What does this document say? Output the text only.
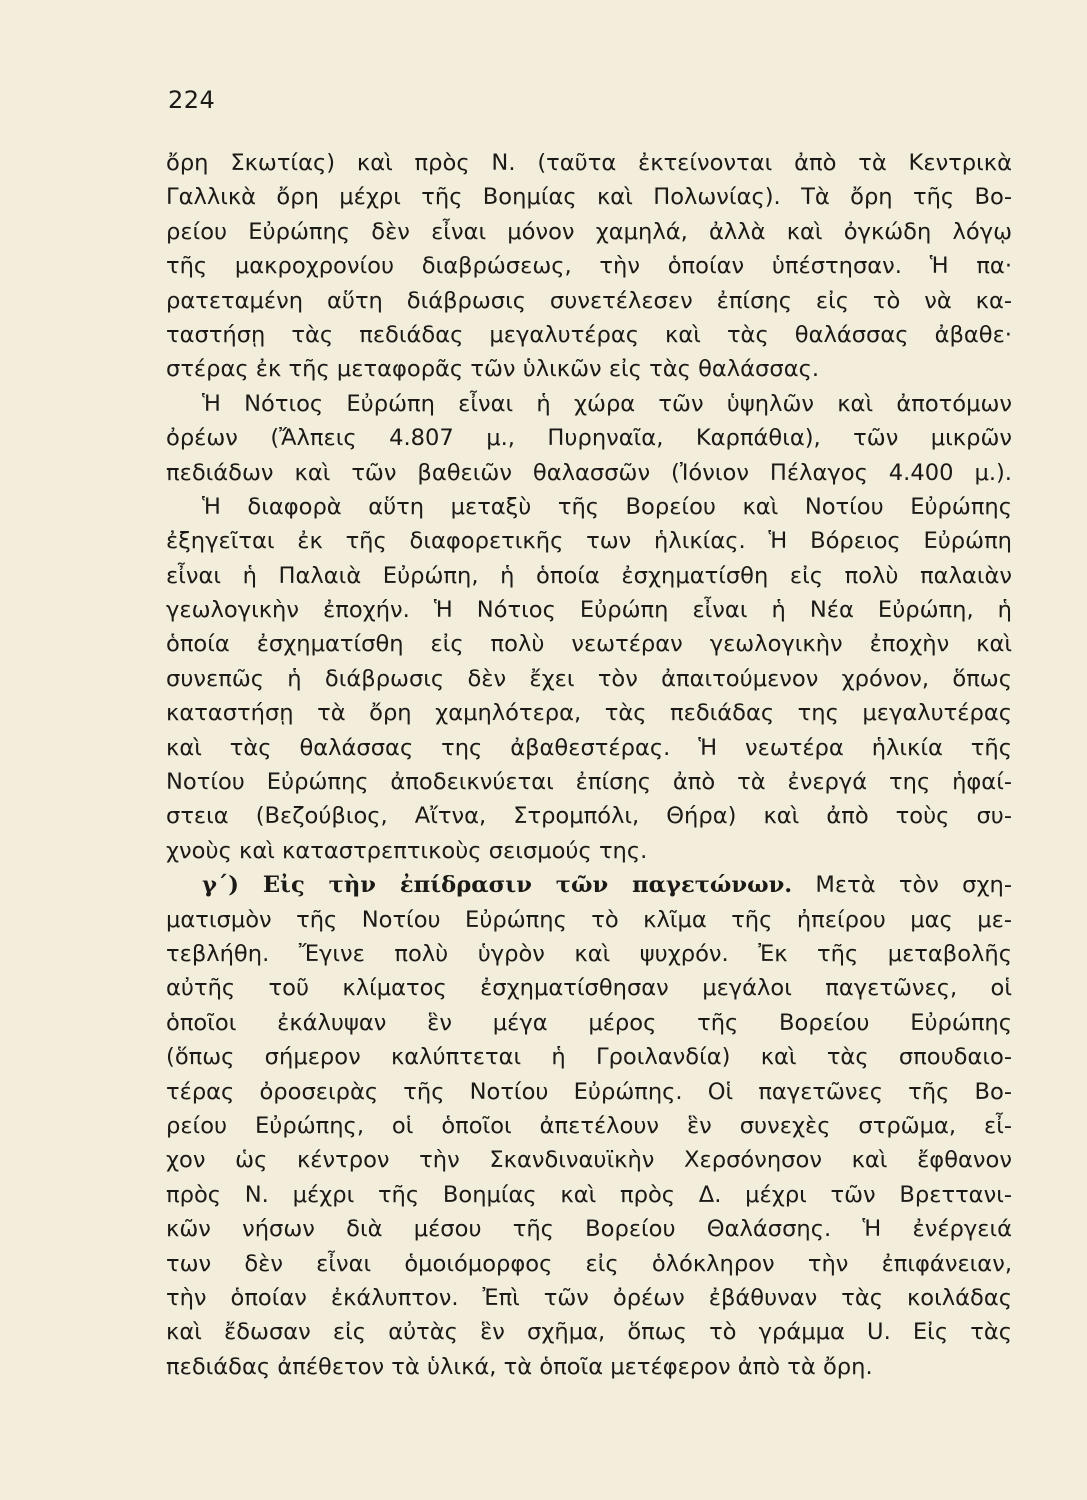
224
ὄρη Σκωτίας) καὶ πρὸς Ν. (ταῦτα ἐκτείνονται ἀπὸ τὰ Κεντρικὰ
Γαλλικὰ ὄρη μέχρι τῆς Βοημίας καὶ Πολωνίας). Τὰ ὄρη τῆς Βο-
ρείου Εὐρώπης δὲν εἶναι μόνον χαμηλά, ἀλλὰ καὶ ὀγκώδη λόγῳ
τῆς μακροχρονίου διαβρώσεως, τὴν ὁποίαν ὑπέστησαν. Ἡ πα·
ρατεταμένη αὕτη διάβρωσις συνετέλεσεν ἐπίσης εἰς τὸ νὰ κα-
ταστήσῃ τὰς πεδιάδας μεγαλυτέρας καὶ τὰς θαλάσσας ἀβαθε·
στέρας ἐκ τῆς μεταφορᾶς τῶν ὑλικῶν εἰς τὰς θαλάσσας.
Ἡ Νότιος Εὐρώπη εἶναι ἡ χώρα τῶν ὑψηλῶν καὶ ἀποτόμων
ὀρέων (Ἄλπεις 4.807 μ., Πυρηναῖα, Καρπάθια), τῶν μικρῶν
πεδιάδων καὶ τῶν βαθειῶν θαλασσῶν (Ἰόνιον Πέλαγος 4.400 μ.).
Ἡ διαφορὰ αὕτη μεταξὺ τῆς Βορείου καὶ Νοτίου Εὐρώπης
ἐξηγεῖται ἐκ τῆς διαφορετικῆς των ἡλικίας. Ἡ Βόρειος Εὐρώπη
εἶναι ἡ Παλαιὰ Εὐρώπη, ἡ ὁποία ἐσχηματίσθη εἰς πολὺ παλαιὰν
γεωλογικὴν ἐποχήν. Ἡ Νότιος Εὐρώπη εἶναι ἡ Νέα Εὐρώπη, ἡ
ὁποία ἐσχηματίσθη εἰς πολὺ νεωτέραν γεωλογικὴν ἐποχὴν καὶ
συνεπῶς ἡ διάβρωσις δὲν ἔχει τὸν ἀπαιτούμενον χρόνον, ὅπως
καταστήσῃ τὰ ὄρη χαμηλότερα, τὰς πεδιάδας της μεγαλυτέρας
καὶ τὰς θαλάσσας της ἀβαθεστέρας. Ἡ νεωτέρα ἡλικία τῆς
Νοτίου Εὐρώπης ἀποδεικνύεται ἐπίσης ἀπὸ τὰ ἐνεργά της ἡφαί-
στεια (Βεζούβιος, Αἴτνα, Στρομπόλι, Θήρα) καὶ ἀπὸ τοὺς συ-
χνοὺς καὶ καταστρεπτικοὺς σεισμούς της.
γ΄) Εἰς τὴν ἐπίδρασιν τῶν παγετώνων. Μετὰ τὸν σχη-
ματισμὸν τῆς Νοτίου Εὐρώπης τὸ κλῖμα τῆς ἠπείρου μας με-
τεβλήθη. Ἔγινε πολὺ ὑγρὸν καὶ ψυχρόν. Ἐκ τῆς μεταβολῆς
αὐτῆς τοῦ κλίματος ἐσχηματίσθησαν μεγάλοι παγετῶνες, οἱ
ὁποῖοι ἐκάλυψαν ἓν μέγα μέρος τῆς Βορείου Εὐρώπης
(ὅπως σήμερον καλύπτεται ἡ Γροιλανδία) καὶ τὰς σπουδαιο-
τέρας ὀροσειρὰς τῆς Νοτίου Εὐρώπης. Οἱ παγετῶνες τῆς Βο-
ρείου Εὐρώπης, οἱ ὁποῖοι ἀπετέλουν ἓν συνεχὲς στρῶμα, εἶ-
χον ὡς κέντρον τὴν Σκανδιναυϊκὴν Χερσόνησον καὶ ἔφθανον
πρὸς Ν. μέχρι τῆς Βοημίας καὶ πρὸς Δ. μέχρι τῶν Βρεττανι-
κῶν νήσων διὰ μέσου τῆς Βορείου Θαλάσσης. Ἡ ἐνέργειά
των δὲν εἶναι ὁμοιόμορφος εἰς ὁλόκληρον τὴν ἐπιφάνειαν,
τὴν ὁποίαν ἐκάλυπτον. Ἐπὶ τῶν ὀρέων ἐβάθυναν τὰς κοιλάδας
καὶ ἔδωσαν εἰς αὐτὰς ἓν σχῆμα, ὅπως τὸ γράμμα U. Εἰς τὰς
πεδιάδας ἀπέθετον τὰ ὑλικά, τὰ ὁποῖα μετέφερον ἀπὸ τὰ ὄρη.
